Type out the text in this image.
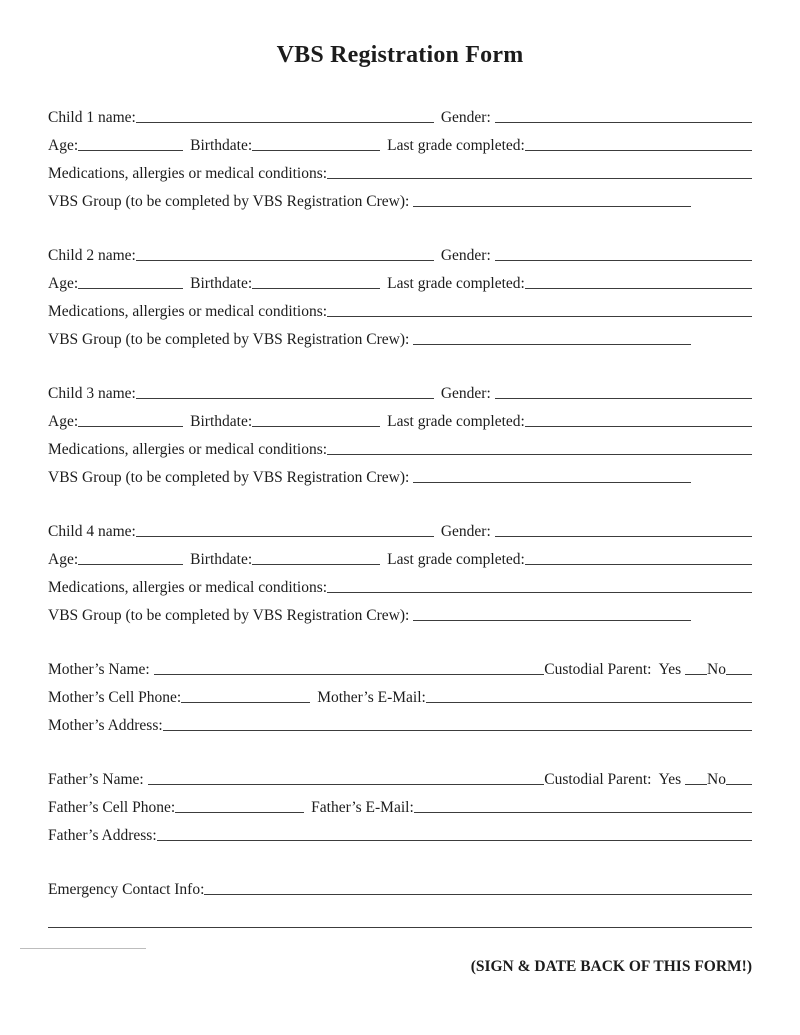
VBS Registration Form
Child 1 name:	Gender:
Age:	Birthdate:	Last grade completed:
Medications, allergies or medical conditions:
VBS Group (to be completed by VBS Registration Crew):
Child 2 name:	Gender:
Age:	Birthdate:	Last grade completed:
Medications, allergies or medical conditions:
VBS Group (to be completed by VBS Registration Crew):
Child 3 name:	Gender:
Age:	Birthdate:	Last grade completed:
Medications, allergies or medical conditions:
VBS Group (to be completed by VBS Registration Crew):
Child 4 name:	Gender:
Age:	Birthdate:	Last grade completed:
Medications, allergies or medical conditions:
VBS Group (to be completed by VBS Registration Crew):
Mother’s Name:	Custodial Parent:  Yes No
Mother’s Cell Phone:	Mother’s E-Mail:
Mother’s Address:
Father’s Name:	Custodial Parent:  Yes No
Father’s Cell Phone:	Father’s E-Mail:
Father’s Address:
Emergency Contact Info:
(SIGN & DATE BACK OF THIS FORM!)
